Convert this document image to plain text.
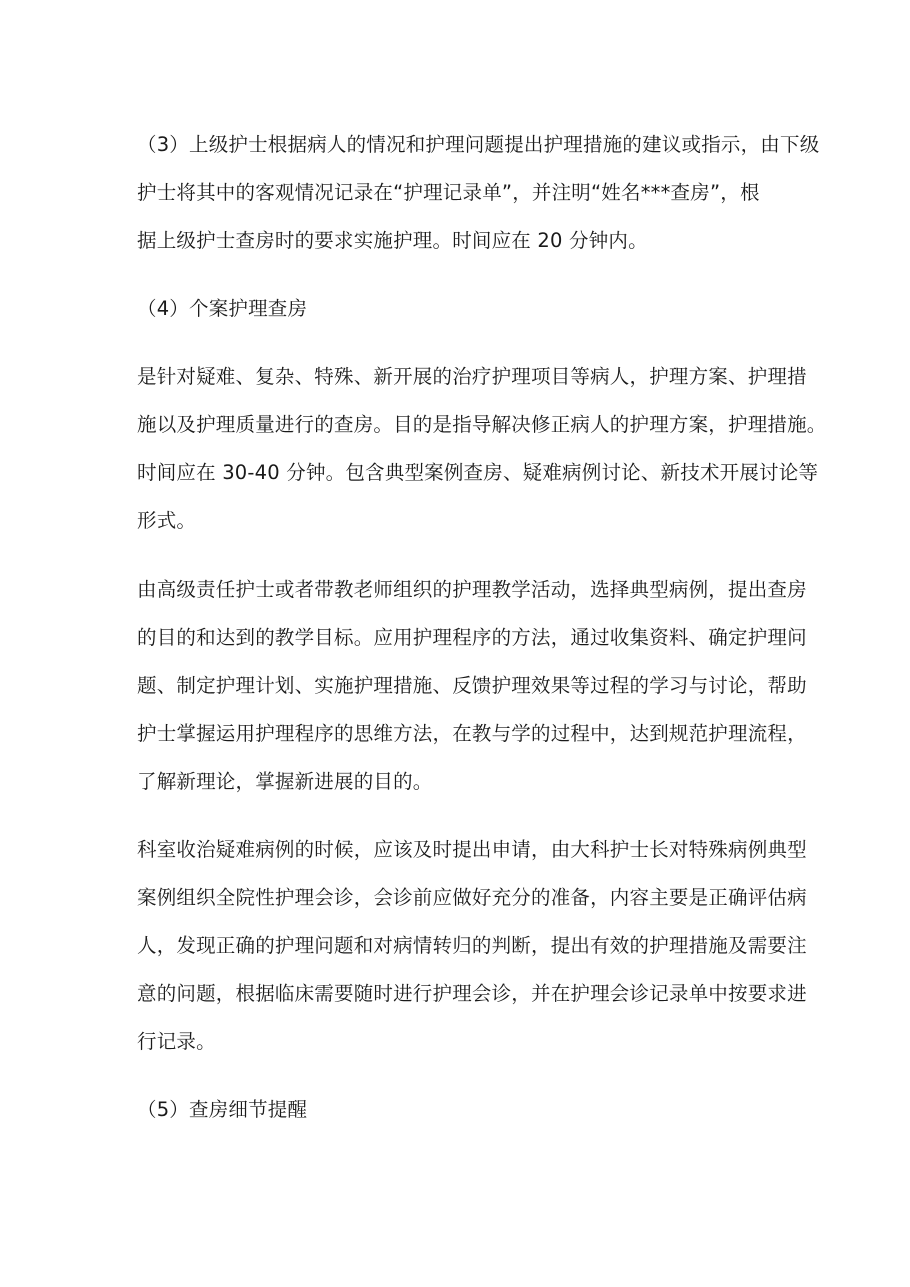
（3）上级护士根据病人的情况和护理问题提出护理措施的建议或指示，由下级
护士将其中的客观情况记录在“护理记录单”，并注明“姓名***查房”，根
据上级护士查房时的要求实施护理。时间应在 20 分钟内。
（4）个案护理查房
是针对疑难、复杂、特殊、新开展的治疗护理项目等病人，护理方案、护理措
施以及护理质量进行的查房。目的是指导解决修正病人的护理方案，护理措施。
时间应在 30-40 分钟。包含典型案例查房、疑难病例讨论、新技术开展讨论等
形式。
由高级责任护士或者带教老师组织的护理教学活动，选择典型病例，提出查房
的目的和达到的教学目标。应用护理程序的方法，通过收集资料、确定护理问
题、制定护理计划、实施护理措施、反馈护理效果等过程的学习与讨论，帮助
护士掌握运用护理程序的思维方法，在教与学的过程中，达到规范护理流程，
了解新理论，掌握新进展的目的。
科室收治疑难病例的时候，应该及时提出申请，由大科护士长对特殊病例典型
案例组织全院性护理会诊，会诊前应做好充分的准备，内容主要是正确评估病
人，发现正确的护理问题和对病情转归的判断，提出有效的护理措施及需要注
意的问题，根据临床需要随时进行护理会诊，并在护理会诊记录单中按要求进
行记录。
（5）查房细节提醒
